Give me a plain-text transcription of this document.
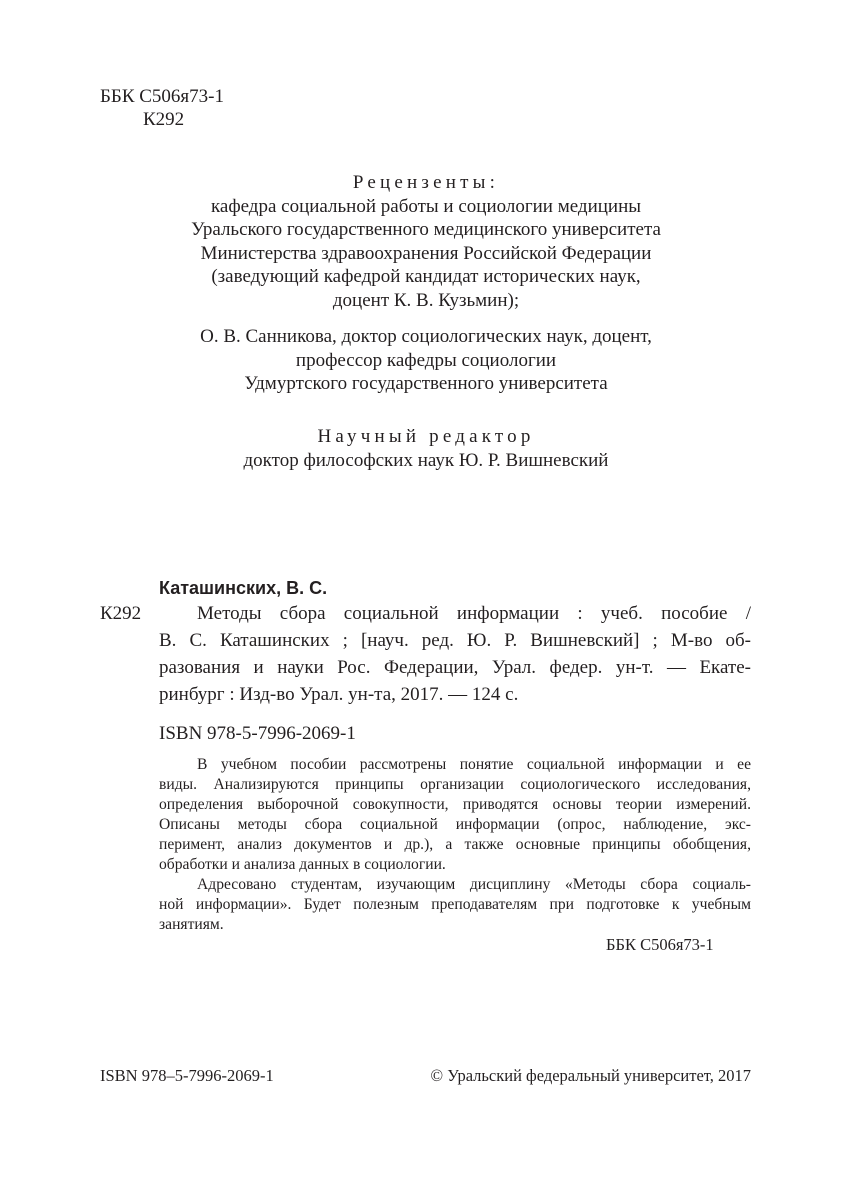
ББК С506я73-1
К292
Рецензенты:
кафедра социальной работы и социологии медицины
Уральского государственного медицинского университета
Министерства здравоохранения Российской Федерации
(заведующий кафедрой кандидат исторических наук,
доцент К. В. Кузьмин);
О. В. Санникова, доктор социологических наук, доцент,
профессор кафедры социологии
Удмуртского государственного университета
Научный редактор
доктор философских наук Ю. Р. Вишневский
Каташинских, В. С.
К292	Методы сбора социальной информации : учеб. пособие /
В. С. Каташинских ; [науч. ред. Ю. Р. Вишневский] ; М-во об-
разования и науки Рос. Федерации, Урал. федер. ун-т. — Екате-
ринбург : Изд-во Урал. ун-та, 2017. — 124 с.
ISBN 978-5-7996-2069-1
В учебном пособии рассмотрены понятие социальной информации и ее
виды. Анализируются принципы организации социологического исследования,
определения выборочной совокупности, приводятся основы теории измерений.
Описаны методы сбора социальной информации (опрос, наблюдение, экс-
перимент, анализ документов и др.), а также основные принципы обобщения,
обработки и анализа данных в социологии.
Адресовано студентам, изучающим дисциплину «Методы сбора социаль-
ной информации». Будет полезным преподавателям при подготовке к учебным
занятиям.
ББК С506я73-1
ISBN 978–5-7996-2069-1	© Уральский федеральный университет, 2017
